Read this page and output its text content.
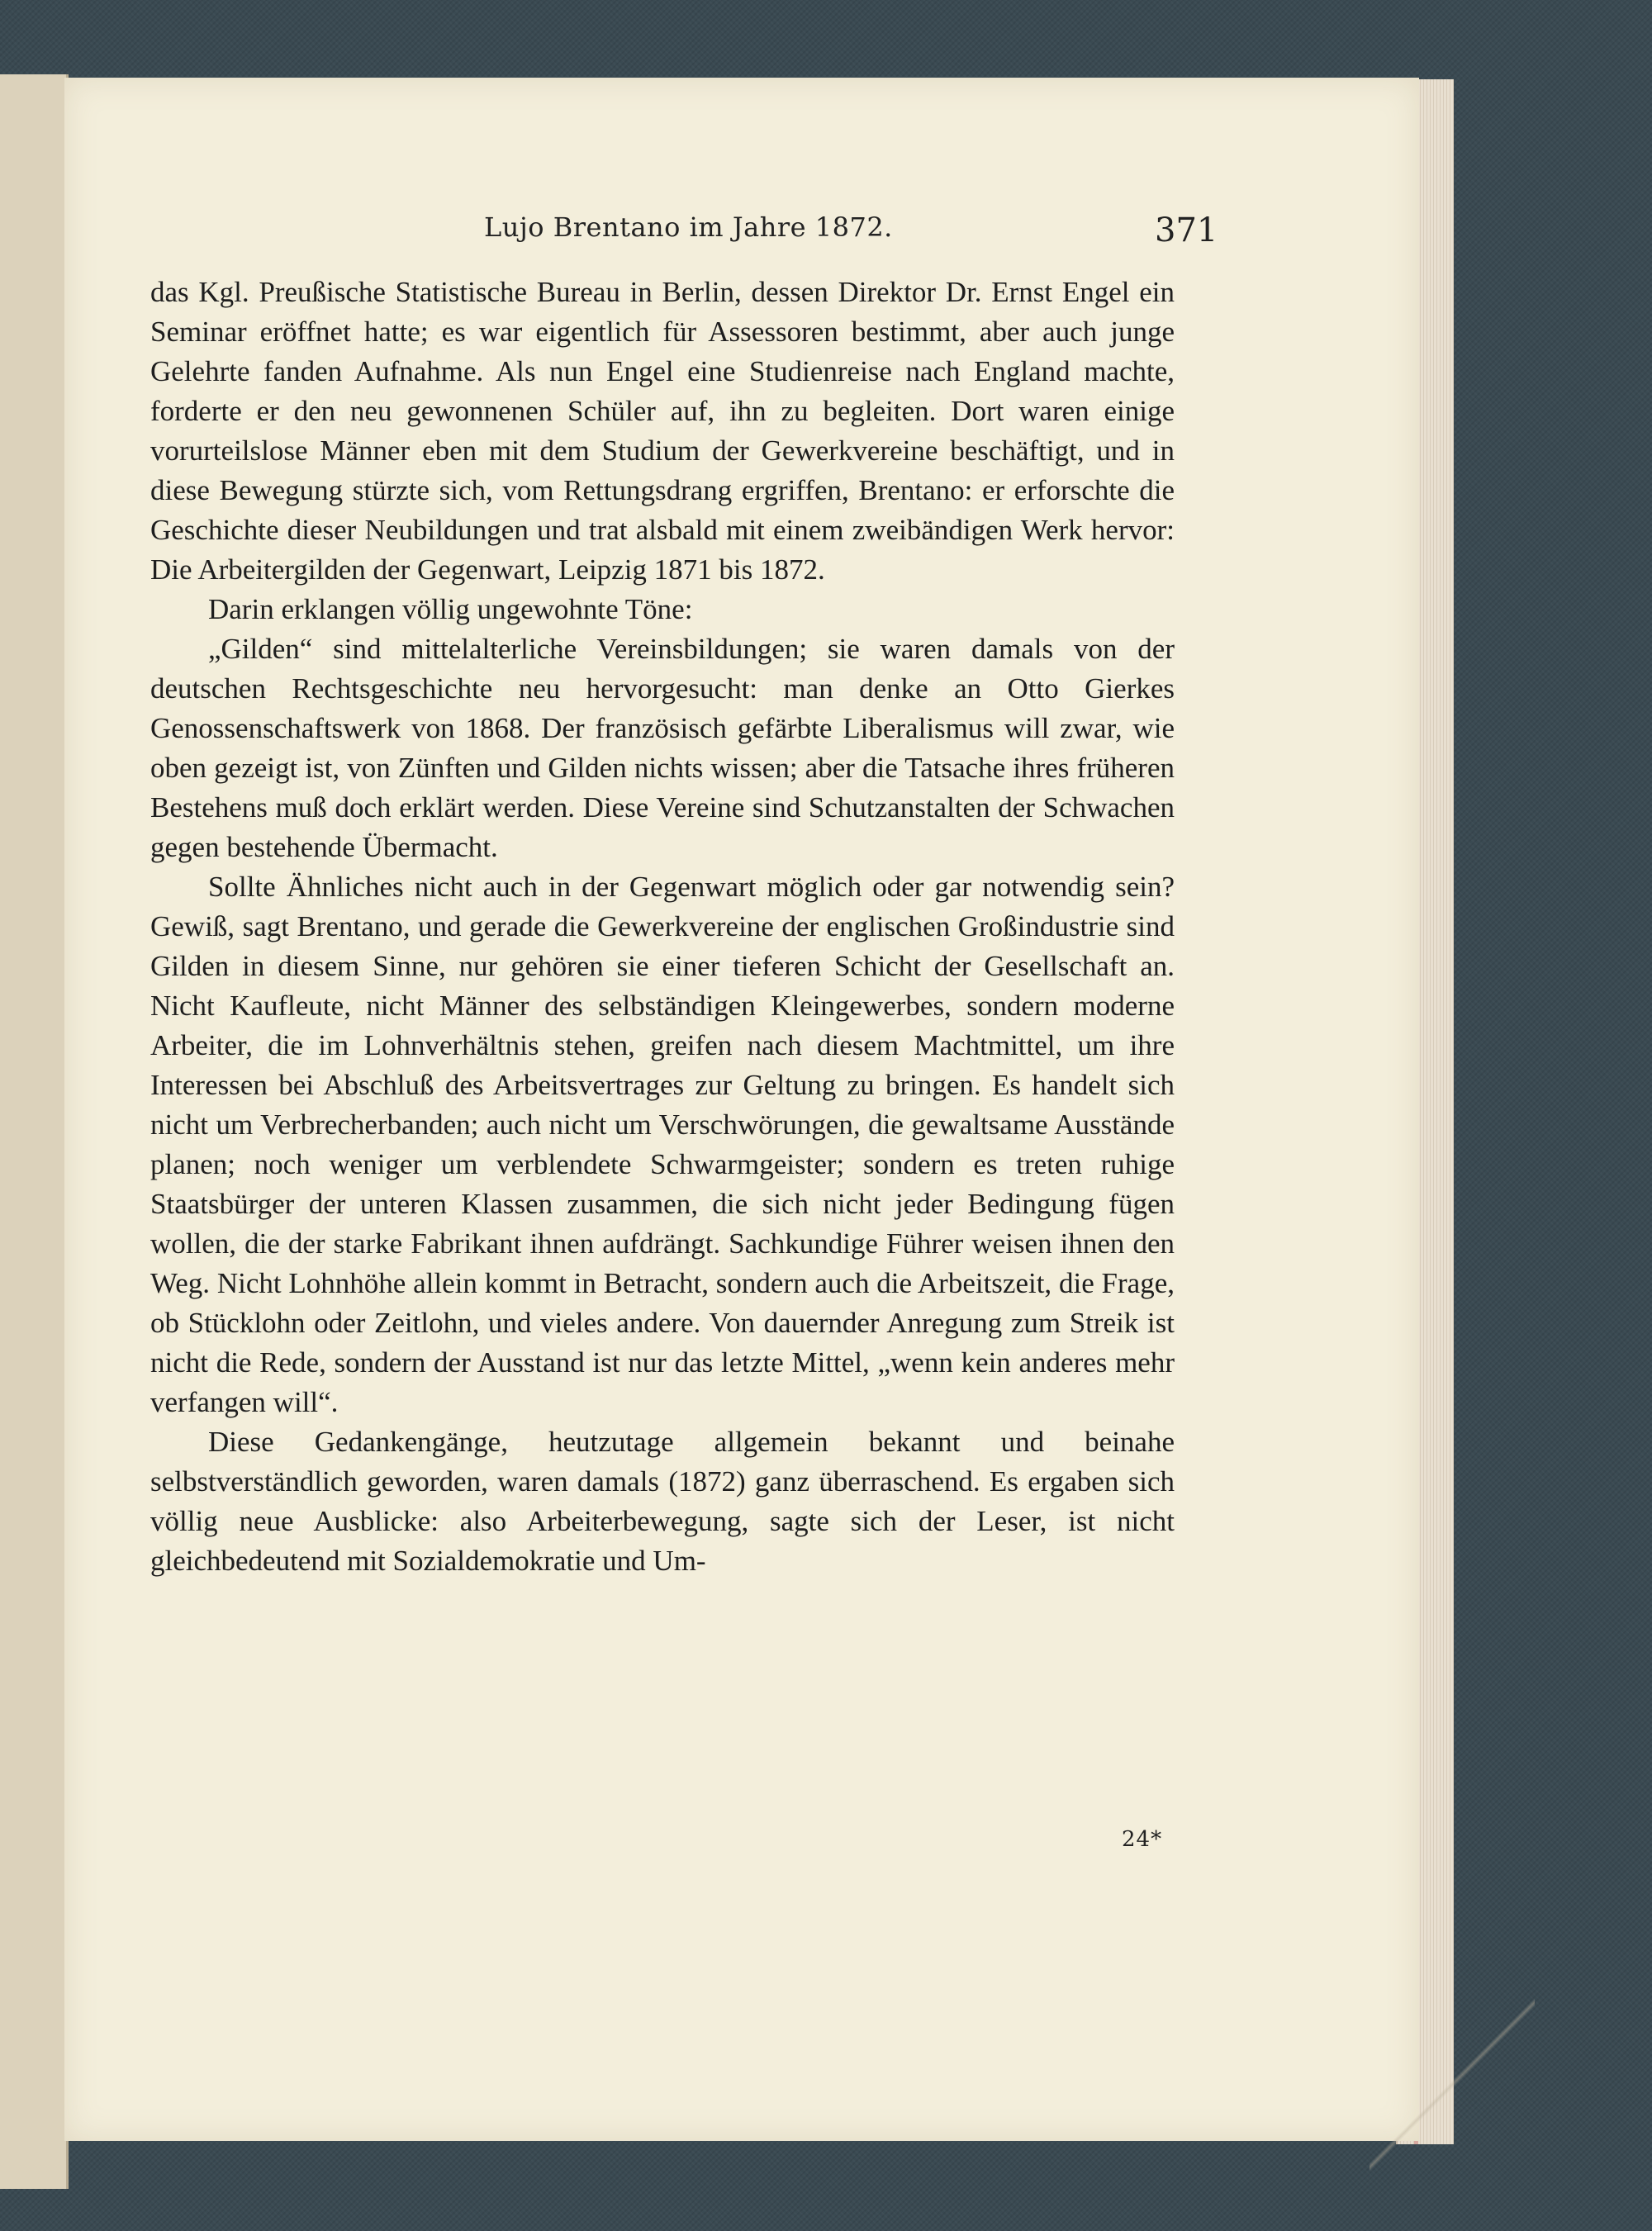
Lujo Brentano im Jahre 1872.	371

das Kgl. Preußische Statistische Bureau in Berlin, dessen Direktor Dr. Ernst Engel ein Seminar eröffnet hatte; es war eigentlich für Assessoren bestimmt, aber auch junge Gelehrte fanden Aufnahme. Als nun Engel eine Studienreise nach England machte, forderte er den neu gewonnenen Schüler auf, ihn zu begleiten. Dort waren einige vorurteilslose Männer eben mit dem Studium der Gewerkvereine beschäftigt, und in diese Bewegung stürzte sich, vom Rettungsdrang ergriffen, Brentano: er erforschte die Geschichte dieser Neubildungen und trat alsbald mit einem zweibändigen Werk hervor: Die Arbeitergilden der Gegenwart, Leipzig 1871 bis 1872.

Darin erklangen völlig ungewohnte Töne:

„Gilden“ sind mittelalterliche Vereinsbildungen; sie waren damals von der deutschen Rechtsgeschichte neu hervorgesucht: man denke an Otto Gierkes Genossenschaftswerk von 1868. Der französisch gefärbte Liberalismus will zwar, wie oben gezeigt ist, von Zünften und Gilden nichts wissen; aber die Tatsache ihres früheren Bestehens muß doch erklärt werden. Diese Vereine sind Schutzanstalten der Schwachen gegen bestehende Übermacht.

Sollte Ähnliches nicht auch in der Gegenwart möglich oder gar notwendig sein? Gewiß, sagt Brentano, und gerade die Gewerkvereine der englischen Großindustrie sind Gilden in diesem Sinne, nur gehören sie einer tieferen Schicht der Gesellschaft an. Nicht Kaufleute, nicht Männer des selbständigen Kleingewerbes, sondern moderne Arbeiter, die im Lohnverhältnis stehen, greifen nach diesem Machtmittel, um ihre Interessen bei Abschluß des Arbeitsvertrages zur Geltung zu bringen. Es handelt sich nicht um Verbrecherbanden; auch nicht um Verschwörungen, die gewaltsame Ausstände planen; noch weniger um verblendete Schwarmgeister; sondern es treten ruhige Staatsbürger der unteren Klassen zusammen, die sich nicht jeder Bedingung fügen wollen, die der starke Fabrikant ihnen aufdrängt. Sachkundige Führer weisen ihnen den Weg. Nicht Lohnhöhe allein kommt in Betracht, sondern auch die Arbeitszeit, die Frage, ob Stücklohn oder Zeitlohn, und vieles andere. Von dauernder Anregung zum Streik ist nicht die Rede, sondern der Ausstand ist nur das letzte Mittel, „wenn kein anderes mehr verfangen will“.

Diese Gedankengänge, heutzutage allgemein bekannt und beinahe selbstverständlich geworden, waren damals (1872) ganz überraschend. Es ergaben sich völlig neue Ausblicke: also Arbeiterbewegung, sagte sich der Leser, ist nicht gleichbedeutend mit Sozialdemokratie und Um-

24*
